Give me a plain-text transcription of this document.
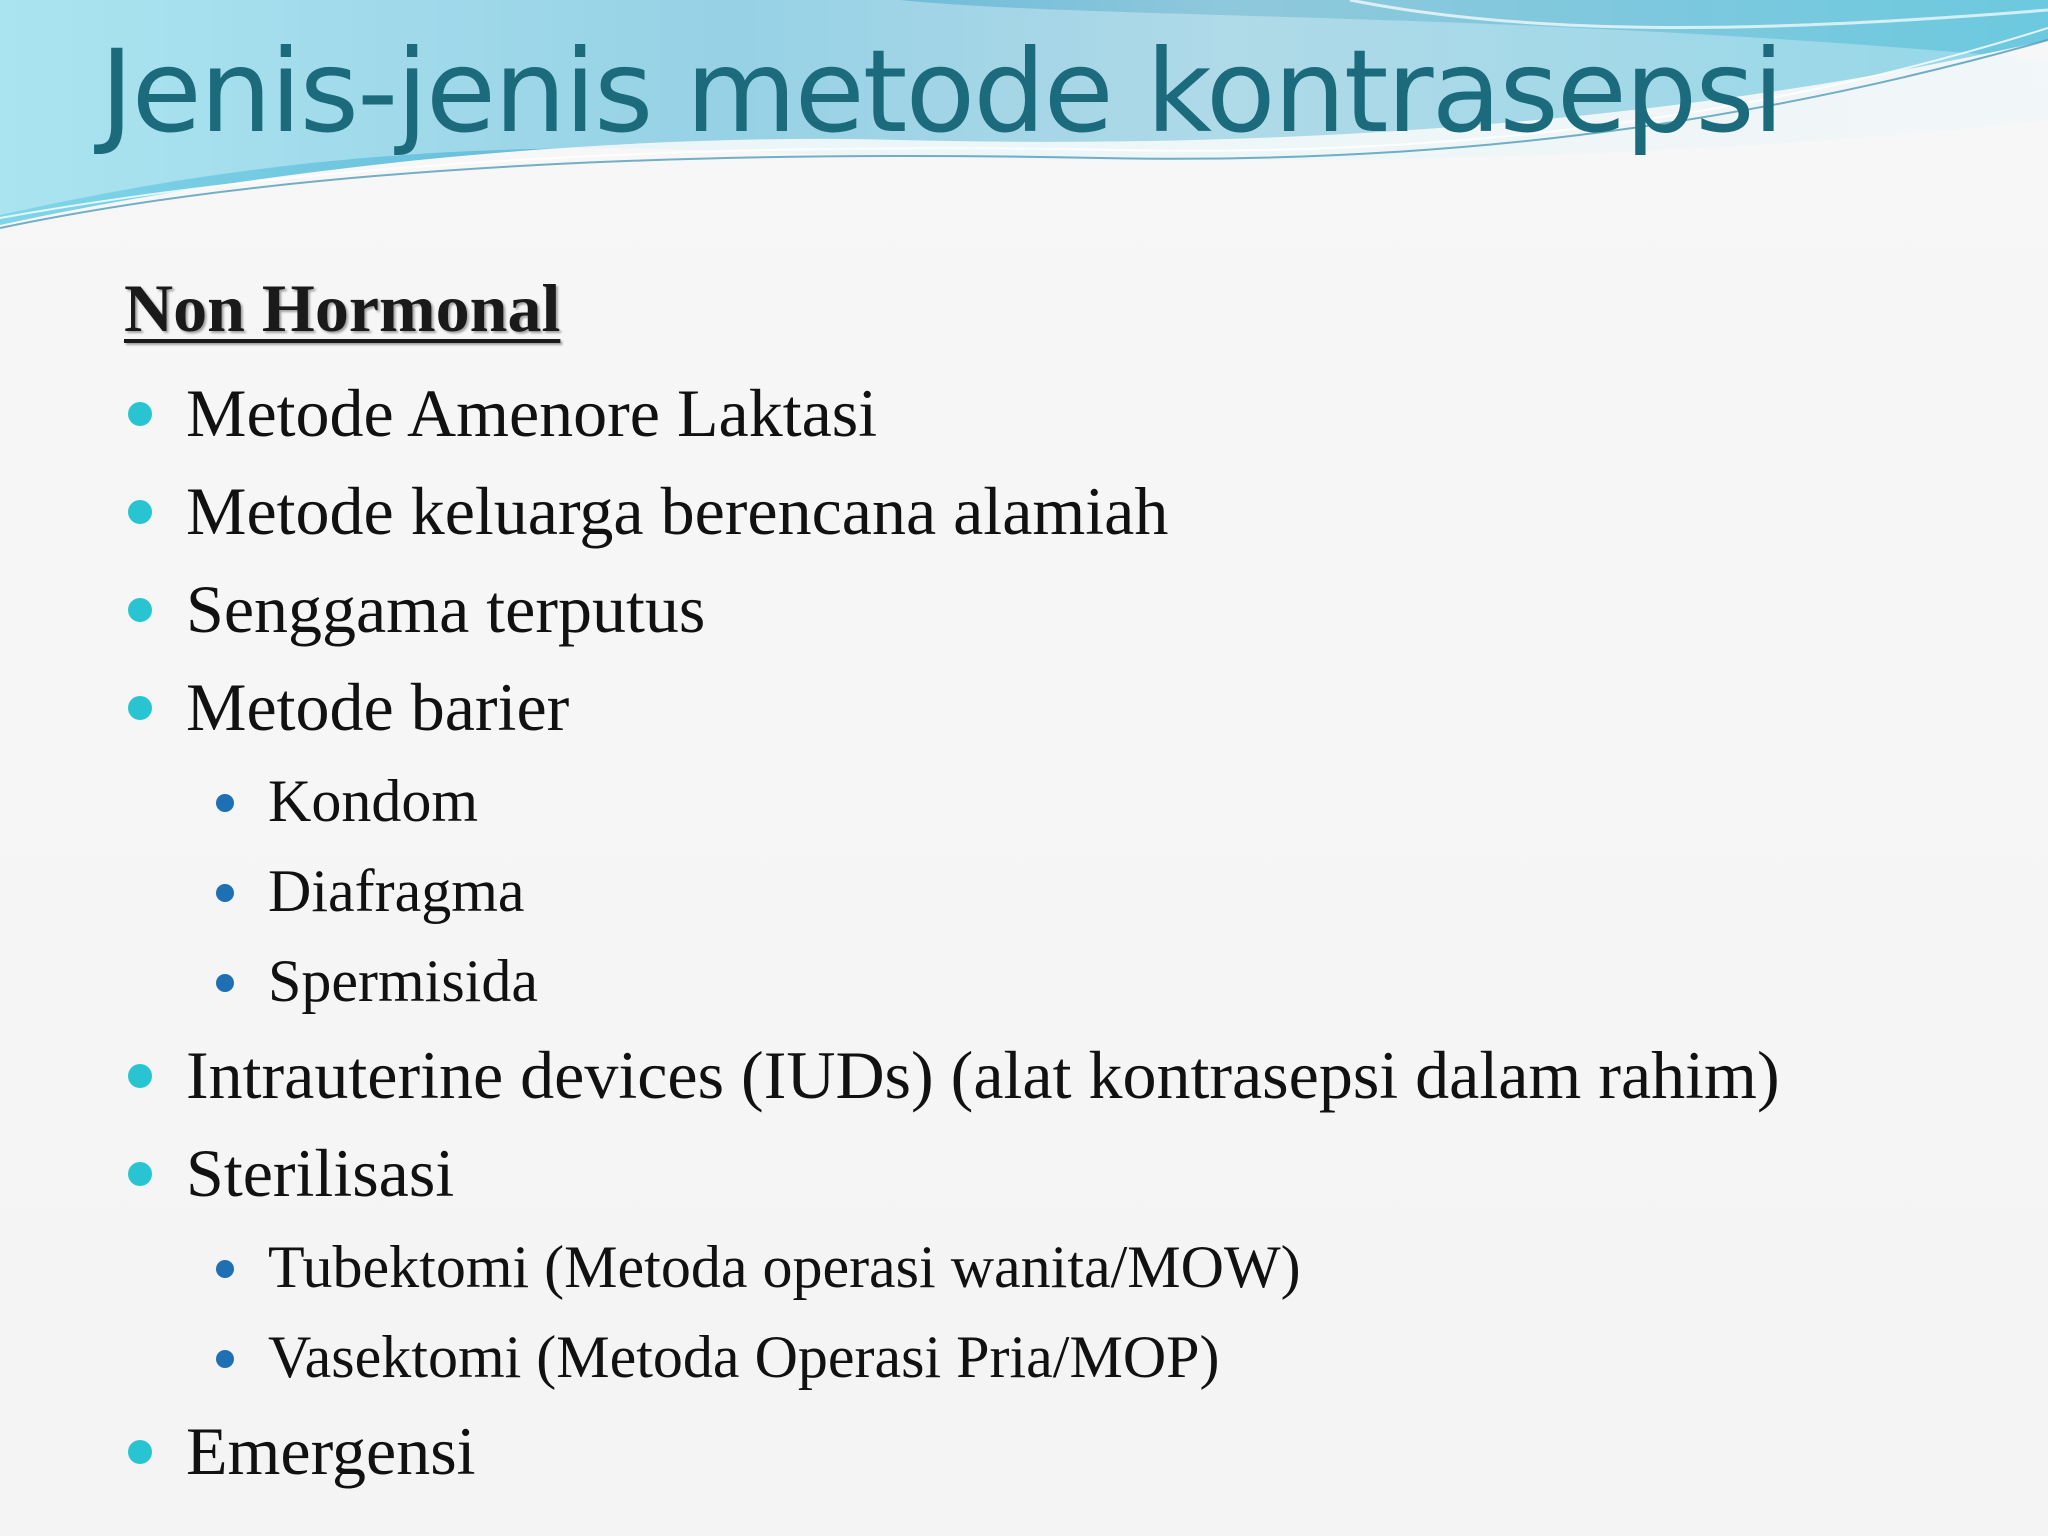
Jenis-jenis metode kontrasepsi
Non Hormonal
Metode Amenore Laktasi
Metode keluarga berencana alamiah
Senggama terputus
Metode barier
Kondom
Diafragma
Spermisida
Intrauterine devices (IUDs) (alat kontrasepsi dalam rahim)
Sterilisasi
Tubektomi (Metoda operasi wanita/MOW)
Vasektomi (Metoda Operasi Pria/MOP)
Emergensi
